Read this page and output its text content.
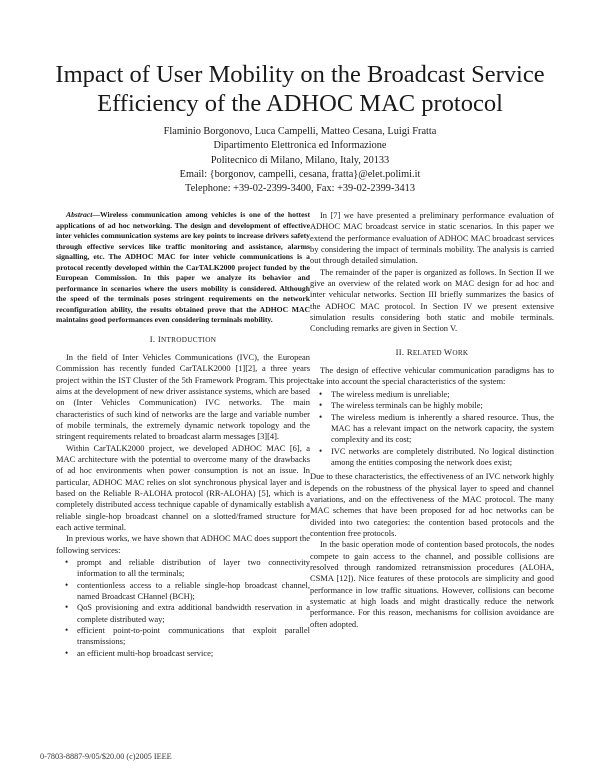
Impact of User Mobility on the Broadcast Service
Efficiency of the ADHOC MAC protocol
Flaminio Borgonovo, Luca Campelli, Matteo Cesana, Luigi Fratta
Dipartimento Elettronica ed Informazione
Politecnico di Milano, Milano, Italy, 20133
Email: {borgonov, campelli, cesana, fratta}@elet.polimi.it
Telephone: +39-02-2399-3400, Fax: +39-02-2399-3413

Abstract—Wireless communication among vehicles is one of the hottest applications of ad hoc networking. The design and development of effective inter vehicles communication systems are key points to increase drivers safety through effective services like traffic monitoring and assistance, alarms signalling, etc. The ADHOC MAC for inter vehicle communications is a protocol recently developed within the CarTALK2000 project funded by the European Commission. In this paper we analyze its behavior and performance in scenarios where the users mobility is considered. Although the speed of the terminals poses stringent requirements on the network reconfiguration ability, the results obtained prove that the ADHOC MAC maintains good performances even considering terminals mobility.

I. INTRODUCTION

In the field of Inter Vehicles Communications (IVC), the European Commission has recently funded CarTALK2000 [1][2], a three years project within the IST Cluster of the 5th Framework Program. This project aims at the development of new driver assistance systems, which are based on (Inter Vehicles Communication) IVC networks. The main characteristics of such kind of networks are the large and variable number of mobile terminals, the extremely dynamic network topology and the stringent requirements related to broadcast alarm messages [3][4].

Within CarTALK2000 project, we developed ADHOC MAC [6], a MAC architecture with the potential to overcome many of the drawbacks of ad hoc environments when power consumption is not an issue. In particular, ADHOC MAC relies on slot synchronous physical layer and is based on the Reliable R-ALOHA protocol (RR-ALOHA) [5], which is a completely distributed access technique capable of dynamically establish a reliable single-hop broadcast channel on a slotted/framed structure for each active terminal.

In previous works, we have shown that ADHOC MAC does support the following services:

• prompt and reliable distribution of layer two connectivity information to all the terminals;
• contentionless access to a reliable single-hop broadcast channel, named Broadcast CHannel (BCH);
• QoS provisioning and extra additional bandwidth reservation in a complete distributed way;
• efficient point-to-point communications that exploit parallel transmissions;
• an efficient multi-hop broadcast service;

In [7] we have presented a preliminary performance evaluation of ADHOC MAC broadcast service in static scenarios. In this paper we extend the performance evaluation of ADHOC MAC broadcast services by considering the impact of terminals mobility. The analysis is carried out through detailed simulation.

The remainder of the paper is organized as follows. In Section II we give an overview of the related work on MAC design for ad hoc and inter vehicular networks. Section III briefly summarizes the basics of the ADHOC MAC protocol. In Section IV we present extensive simulation results considering both static and mobile terminals. Concluding remarks are given in Section V.

II. RELATED WORK

The design of effective vehicular communication paradigms has to take into account the special characteristics of the system:

• The wireless medium is unreliable;
• The wireless terminals can be highly mobile;
• The wireless medium is inherently a shared resource. Thus, the MAC has a relevant impact on the network capacity, the system complexity and its cost;
• IVC networks are completely distributed. No logical distinction among the entities composing the network does exist;

Due to these characteristics, the effectiveness of an IVC network highly depends on the robustness of the physical layer to speed and channel variations, and on the effectiveness of the MAC protocol. The many MAC schemes that have been proposed for ad hoc networks can be divided into two categories: the contention based protocols and the contention free protocols.

In the basic operation mode of contention based protocols, the nodes compete to gain access to the channel, and possible collisions are resolved through randomized retransmission procedures (ALOHA, CSMA [12]). Nice features of these protocols are simplicity and good performance in low traffic situations. However, collisions can become systematic at high loads and might drastically reduce the network performance. For this reason, mechanisms for collision avoidance are often adopted.

0-7803-8887-9/05/$20.00 (c)2005 IEEE
